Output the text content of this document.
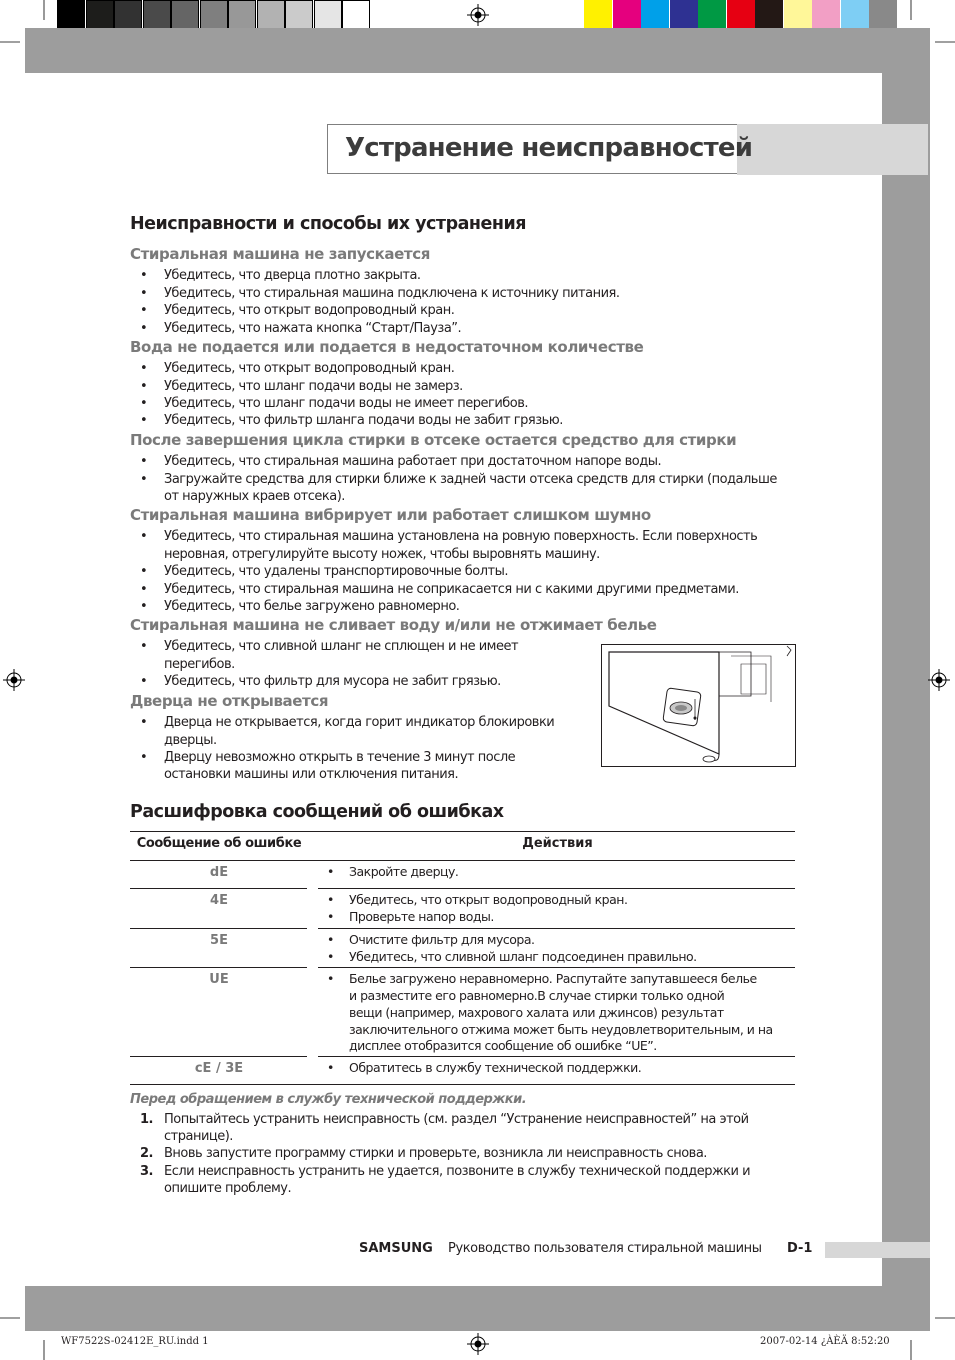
Устранение неисправностей
Неисправности и способы их устранения
Стиральная машина не запускается
• Убедитесь, что дверца плотно закрыта.
• Убедитесь, что стиральная машина подключена к источнику питания.
• Убедитесь, что открыт водопроводный кран.
• Убедитесь, что нажата кнопка “Старт/Пауза”.
Вода не подается или подается в недостаточном количестве
• Убедитесь, что открыт водопроводный кран.
• Убедитесь, что шланг подачи воды не замерз.
• Убедитесь, что шланг подачи воды не имеет перегибов.
• Убедитесь, что фильтр шланга подачи воды не забит грязью.
После завершения цикла стирки в отсеке остается средство для стирки
• Убедитесь, что стиральная машина работает при достаточном напоре воды.
• Загружайте средства для стирки ближе к задней части отсека средств для стирки (подальше
от наружных краев отсека).
Стиральная машина вибрирует или работает слишком шумно
• Убедитесь, что стиральная машина установлена на ровную поверхность. Если поверхность
неровная, отрегулируйте высоту ножек, чтобы выровнять машину.
• Убедитесь, что удалены транспортировочные болты.
• Убедитесь, что стиральная машина не соприкасается ни с какими другими предметами.
• Убедитесь, что белье загружено равномерно.
Стиральная машина не сливает воду и/или не отжимает белье
• Убедитесь, что сливной шланг не сплющен и не имеет
перегибов.
• Убедитесь, что фильтр для мусора не забит грязью.
Дверца не открывается
• Дверца не открывается, когда горит индикатор блокировки
дверцы.
• Дверцу невозможно открыть в течение 3 минут после
остановки машины или отключения питания.
Расшифровка сообщений об ошибках
Сообщение об ошибке	Действия
dE	• Закройте дверцу.
4E	• Убедитесь, что открыт водопроводный кран.
• Проверьте напор воды.
5E	• Очистите фильтр для мусора.
• Убедитесь, что сливной шланг подсоединен правильно.
UE	• Белье загружено неравномерно. Распутайте запутавшееся белье
и разместите его равномерно.В случае стирки только одной
вещи (например, махрового халата или джинсов) результат
заключительного отжима может быть неудовлетворительным, и на
дисплее отобразится сообщение об ошибке “UE”.
cE / 3E	• Обратитесь в службу технической поддержки.
Перед обращением в службу технической поддержки.
1. Попытайтесь устранить неисправность (см. раздел “Устранение неисправностей” на этой
странице).
2. Вновь запустите программу стирки и проверьте, возникла ли неисправность снова.
3. Если неисправность устранить не удается, позвоните в службу технической поддержки и
опишите проблему.
SAMSUNG Руководство пользователя стиральной машины D-1
WF7522S-02412E_RU.indd 1	2007-02-14 ¿ÀÈÄ 8:52:20
